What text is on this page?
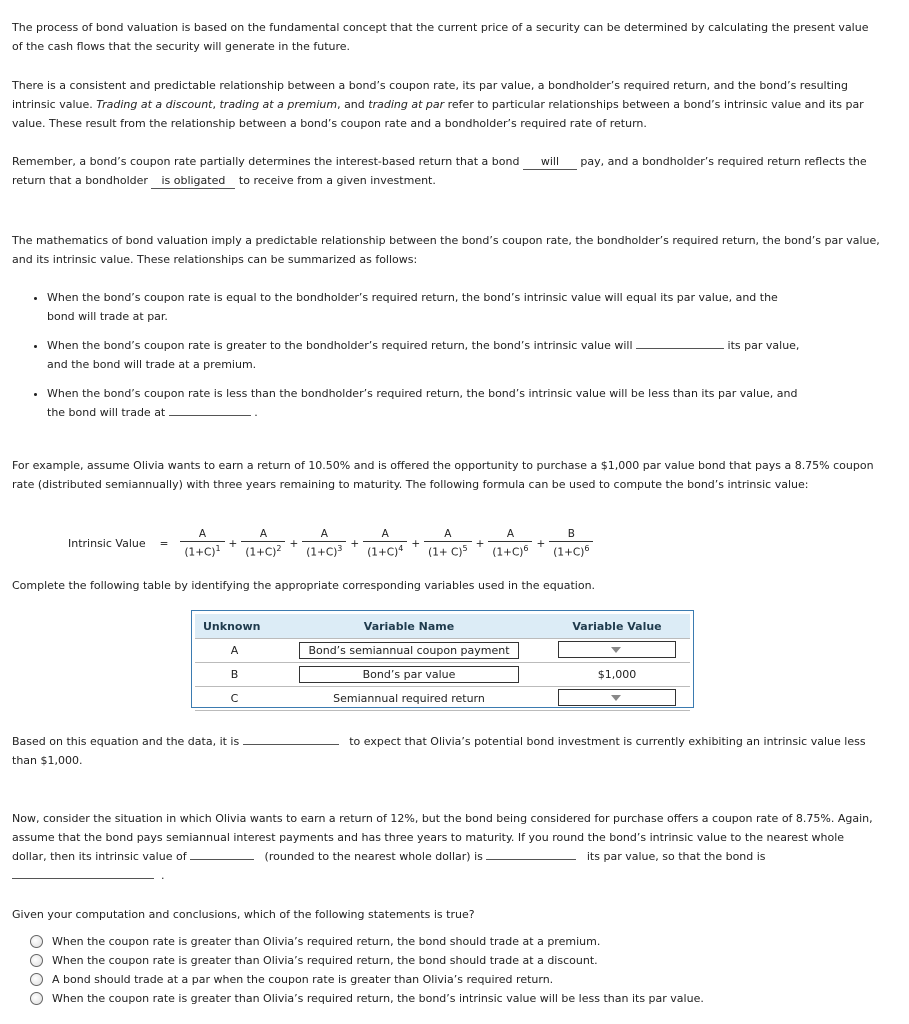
The process of bond valuation is based on the fundamental concept that the current price of a security can be determined by calculating the present value of the cash flows that the security will generate in the future.
There is a consistent and predictable relationship between a bond’s coupon rate, its par value, a bondholder’s required return, and the bond’s resulting intrinsic value. Trading at a discount, trading at a premium, and trading at par refer to particular relationships between a bond’s intrinsic value and its par value. These result from the relationship between a bond’s coupon rate and a bondholder’s required rate of return.
Remember, a bond’s coupon rate partially determines the interest-based return that a bond will pay, and a bondholder’s required return reflects the return that a bondholder is obligated to receive from a given investment.
The mathematics of bond valuation imply a predictable relationship between the bond’s coupon rate, the bondholder’s required return, the bond’s par value, and its intrinsic value. These relationships can be summarized as follows:
• When the bond’s coupon rate is equal to the bondholder’s required return, the bond’s intrinsic value will equal its par value, and the bond will trade at par.
• When the bond’s coupon rate is greater to the bondholder’s required return, the bond’s intrinsic value will	its par value, and the bond will trade at a premium.
• When the bond’s coupon rate is less than the bondholder’s required return, the bond’s intrinsic value will be less than its par value, and the bond will trade at	.
For example, assume Olivia wants to earn a return of 10.50% and is offered the opportunity to purchase a $1,000 par value bond that pays a 8.75% coupon rate (distributed semiannually) with three years remaining to maturity. The following formula can be used to compute the bond’s intrinsic value:
Intrinsic Value = $\frac{A}{(1+C)^1} + \frac{A}{(1+C)^2} + \frac{A}{(1+C)^3} + \frac{A}{(1+C)^4} + \frac{A}{(1+ C)^5} + \frac{A}{(1+C)^6} + \frac{B}{(1+C)^6}$
Complete the following table by identifying the appropriate corresponding variables used in the equation.
Unknown	Variable Name	Variable Value
A	Bond’s semiannual coupon payment	

B	Bond’s par value	$1,000
C	Semiannual required return	
Based on this equation and the data, it is	to expect that Olivia’s potential bond investment is currently exhibiting an intrinsic value less than $1,000.
Now, consider the situation in which Olivia wants to earn a return of 12%, but the bond being considered for purchase offers a coupon rate of 8.75%. Again, assume that the bond pays semiannual interest payments and has three years to maturity. If you round the bond’s intrinsic value to the nearest whole dollar, then its intrinsic value of	(rounded to the nearest whole dollar) is	its par value, so that the bond is
.
Given your computation and conclusions, which of the following statements is true?
When the coupon rate is greater than Olivia’s required return, the bond should trade at a premium.
When the coupon rate is greater than Olivia’s required return, the bond should trade at a discount.
A bond should trade at a par when the coupon rate is greater than Olivia’s required return.
When the coupon rate is greater than Olivia’s required return, the bond’s intrinsic value will be less than its par value.
